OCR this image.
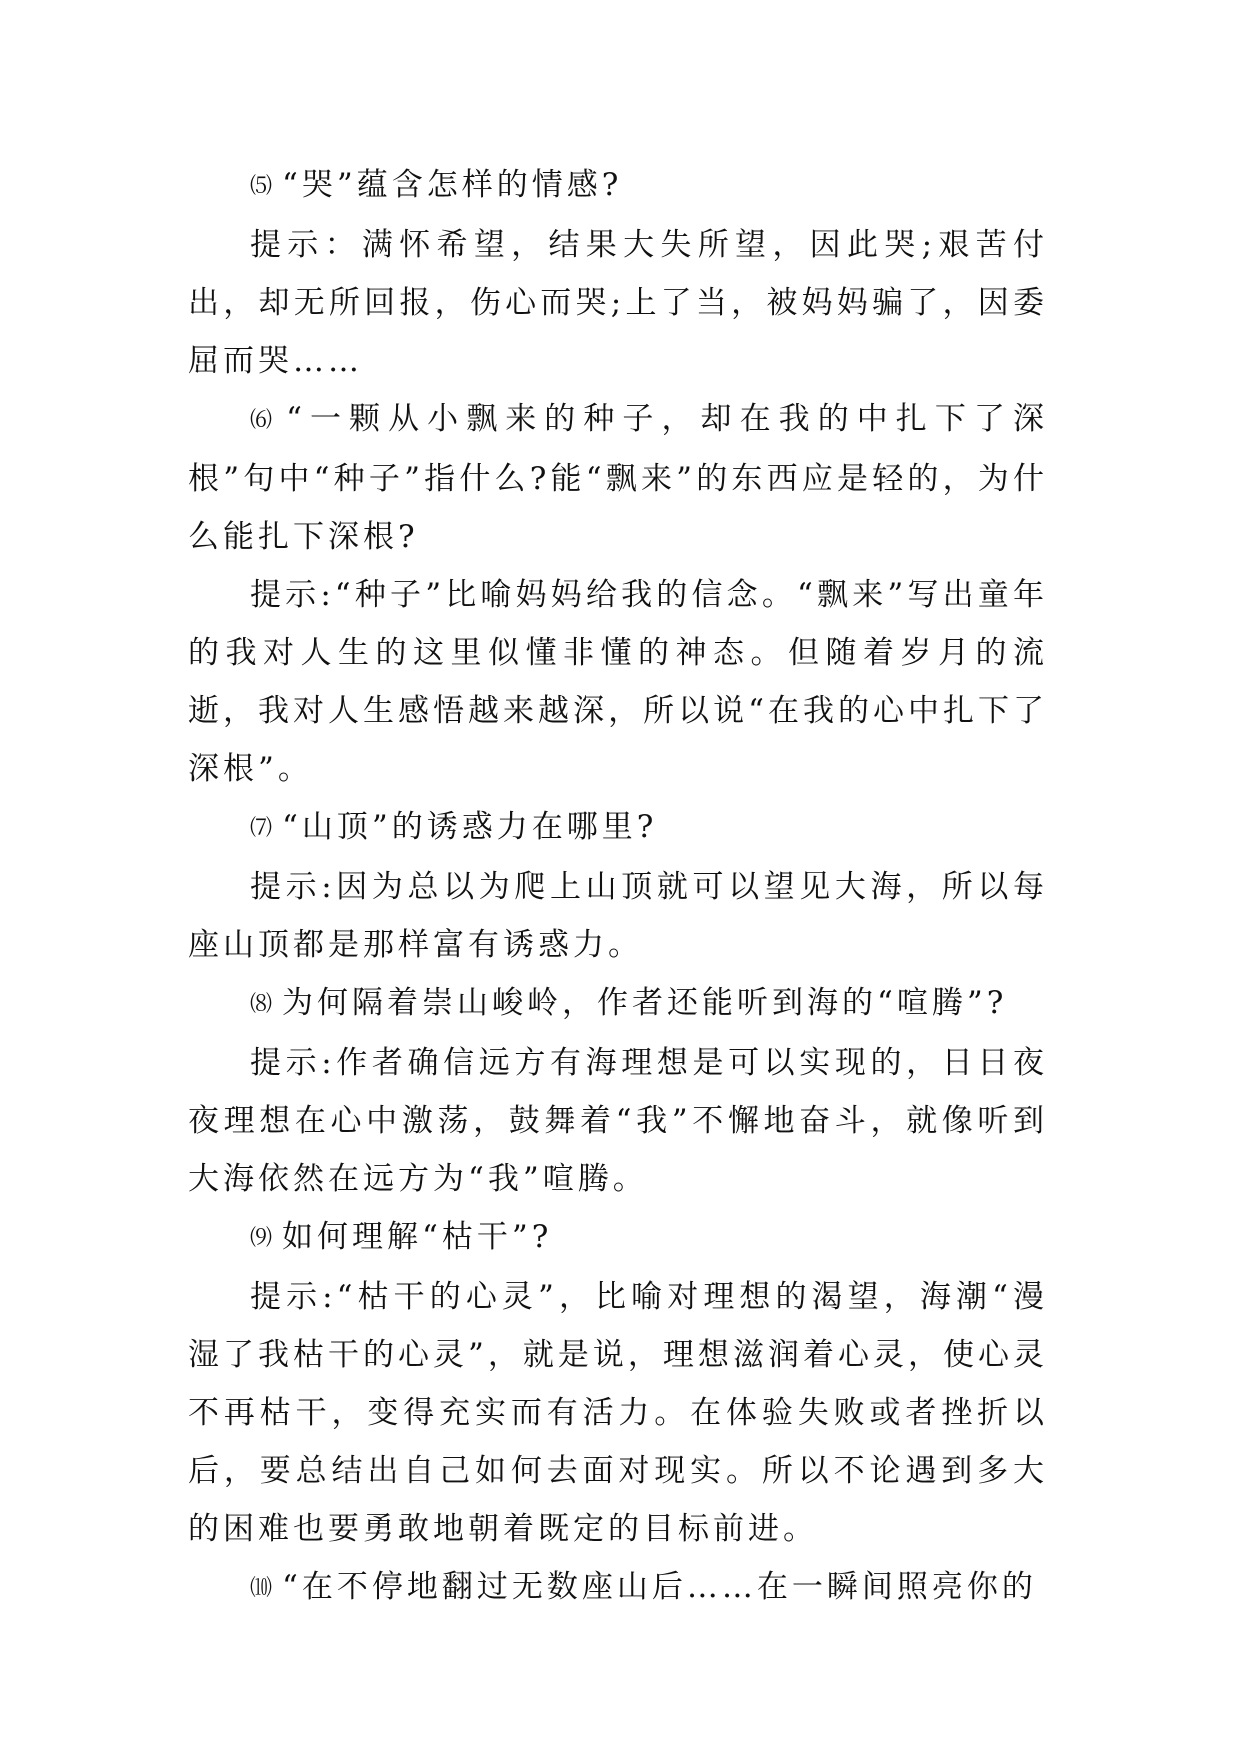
⑸ “哭”蕴含怎样的情感?

提示：满怀希望，结果大失所望，因此哭;艰苦付出，却无所回报，伤心而哭;上了当，被妈妈骗了，因委屈而哭……

⑹ “一颗从小飘来的种子，却在我的中扎下了深根”句中“种子”指什么?能“飘来”的东西应是轻的，为什么能扎下深根?

提示:“种子”比喻妈妈给我的信念。“飘来”写出童年的我对人生的这里似懂非懂的神态。但随着岁月的流逝，我对人生感悟越来越深，所以说“在我的心中扎下了深根”。

⑺ “山顶”的诱惑力在哪里?

提示:因为总以为爬上山顶就可以望见大海，所以每座山顶都是那样富有诱惑力。

⑻ 为何隔着崇山峻岭，作者还能听到海的“喧腾”?

提示:作者确信远方有海理想是可以实现的，日日夜夜理想在心中激荡，鼓舞着“我”不懈地奋斗，就像听到大海依然在远方为“我”喧腾。

⑼ 如何理解“枯干”?

提示:“枯干的心灵”，比喻对理想的渴望，海潮“漫湿了我枯干的心灵”，就是说，理想滋润着心灵，使心灵不再枯干，变得充实而有活力。在体验失败或者挫折以后，要总结出自己如何去面对现实。所以不论遇到多大的困难也要勇敢地朝着既定的目标前进。

⑽ “在不停地翻过无数座山后……在一瞬间照亮你的
